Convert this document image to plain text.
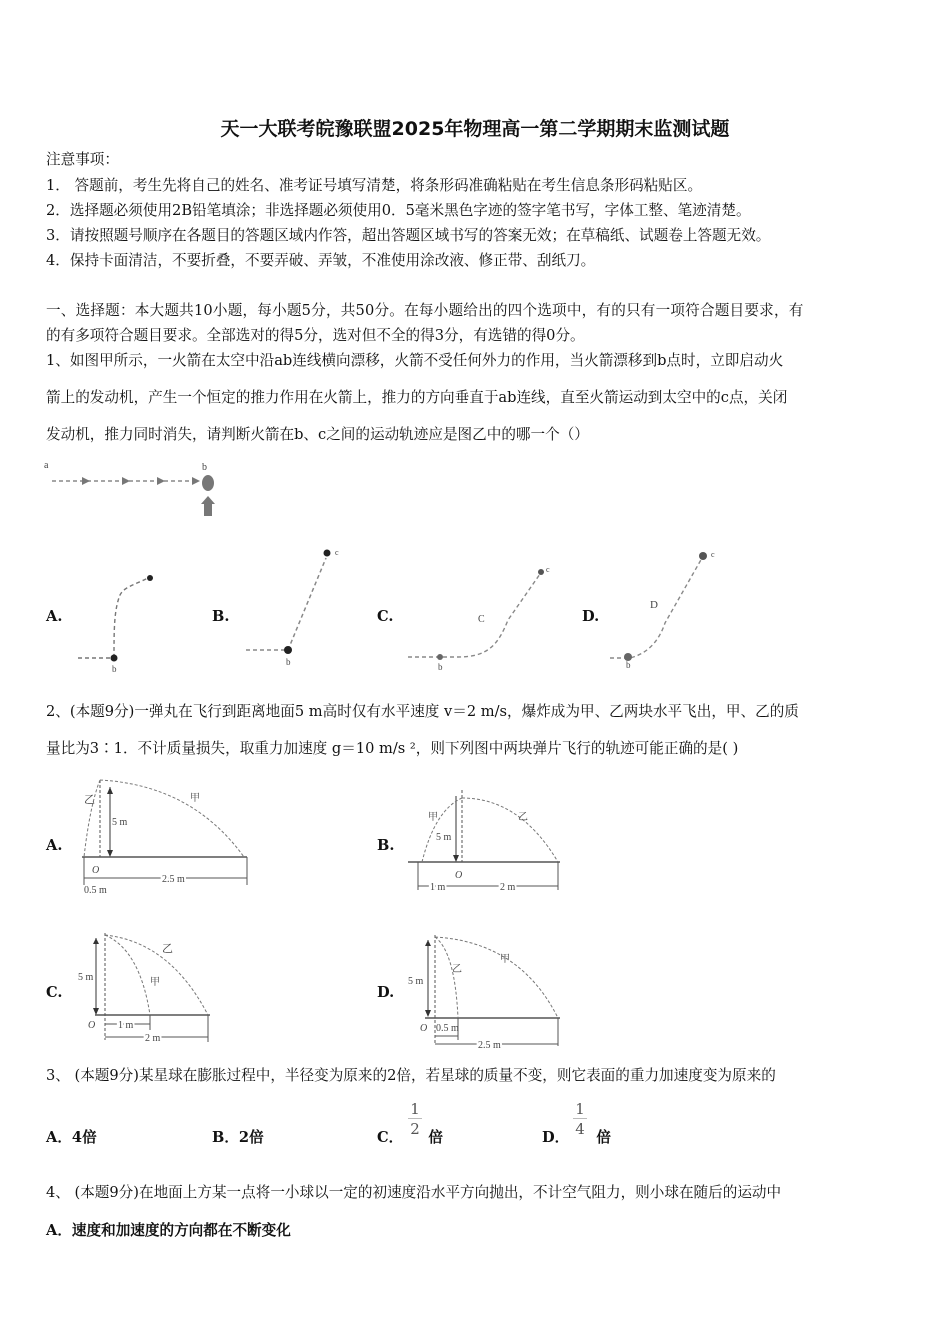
天一大联考皖豫联盟2025年物理高一第二学期期末监测试题
注意事项：
1． 答题前，考生先将自己的姓名、准考证号填写清楚，将条形码准确粘贴在考生信息条形码粘贴区。
2．选择题必须使用2B铅笔填涂；非选择题必须使用0．5毫米黑色字迹的签字笔书写，字体工整、笔迹清楚。
3．请按照题号顺序在各题目的答题区域内作答，超出答题区域书写的答案无效；在草稿纸、试题卷上答题无效。
4．保持卡面清洁，不要折叠，不要弄破、弄皱，不准使用涂改液、修正带、刮纸刀。
一、选择题：本大题共10小题，每小题5分，共50分。在每小题给出的四个选项中，有的只有一项符合题目要求，有
的有多项符合题目要求。全部选对的得5分，选对但不全的得3分，有选错的得0分。
1、如图甲所示，一火箭在太空中沿ab连线横向漂移，火箭不受任何外力的作用，当火箭漂移到b点时，立即启动火
箭上的发动机，产生一个恒定的推力作用在火箭上，推力的方向垂直于ab连线，直至火箭运动到太空中的c点，关闭
发动机，推力同时消失，请判断火箭在b、c之间的运动轨迹应是图乙中的哪一个（）
a	b
A.	B.	C.	D.
b
b
c
b
c
C
b
c
D
2、(本题9分)一弹丸在飞行到距离地面5 m高时仅有水平速度 v＝2 m/s，爆炸成为甲、乙两块水平飞出，甲、乙的质
量比为3∶1．不计质量损失，取重力加速度 g＝10 m/s ²，则下列图中两块弹片飞行的轨迹可能正确的是( )
A.	B.
C.	D.
5 m
乙	甲
O
0.5 m
2.5 m
5 m
甲	乙
O
1 m	2 m
5 m	甲
乙
O 1 m
2 m
5 m
乙
甲
O 0.5 m
2.5 m
3、 (本题9分)某星球在膨胀过程中，半径变为原来的2倍，若星球的质量不变，则它表面的重力加速度变为原来的
A．4倍	B．2倍	C． 倍
$\frac{1}{2}$	D． 倍
$\frac{1}{4}$
4、 (本题9分)在地面上方某一点将一小球以一定的初速度沿水平方向抛出，不计空气阻力，则小球在随后的运动中
A．速度和加速度的方向都在不断变化
